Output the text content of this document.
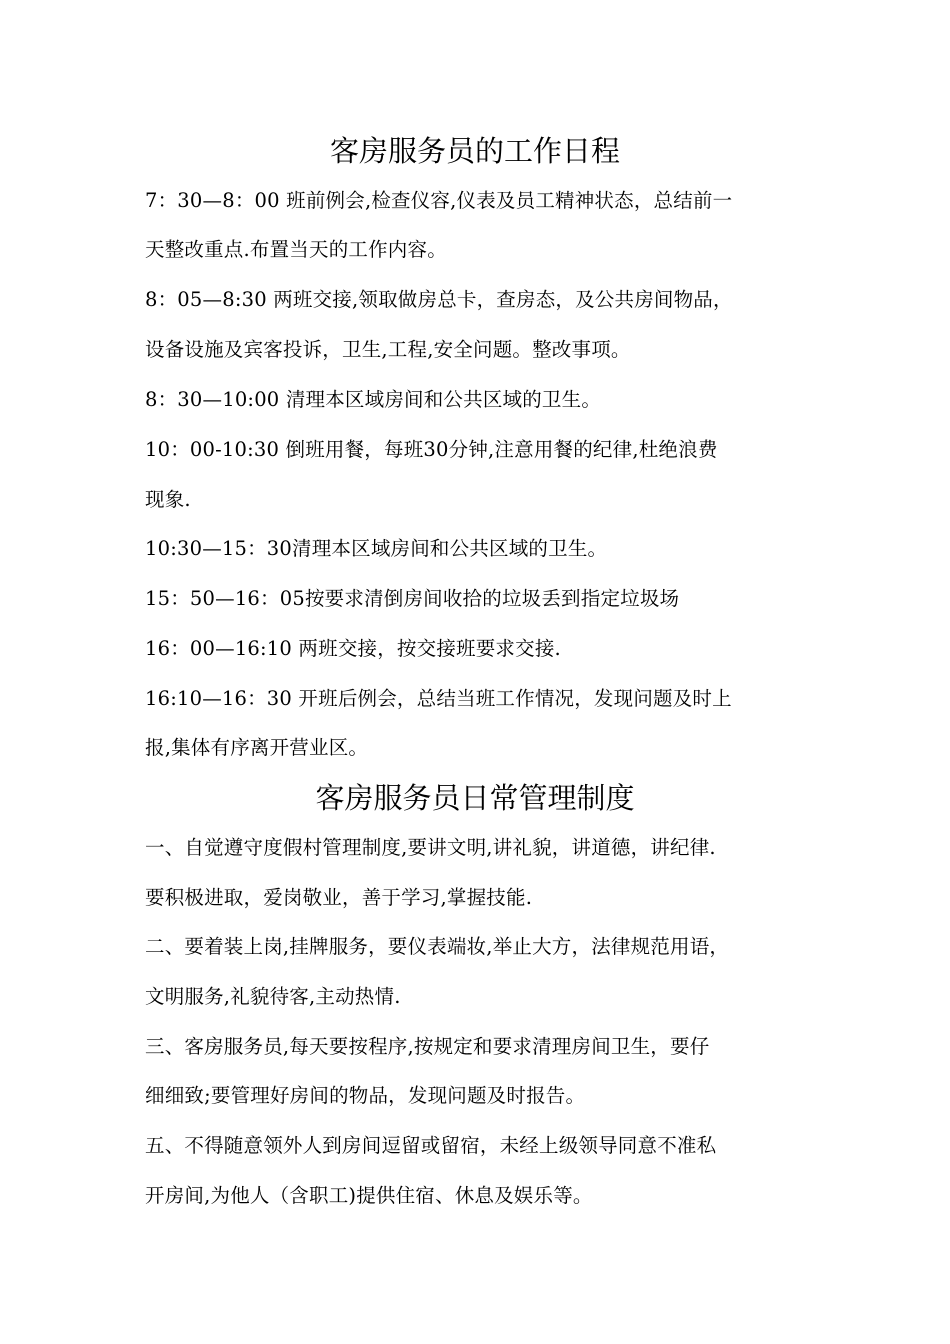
客房服务员的工作日程
7：30—8：00 班前例会,检查仪容,仪表及员工精神状态，总结前一
天整改重点.布置当天的工作内容。
8：05—8:30 两班交接,领取做房总卡，查房态，及公共房间物品，
设备设施及宾客投诉，卫生,工程,安全问题。整改事项。
8：30—10:00 清理本区域房间和公共区域的卫生。
10：00-10:30 倒班用餐，每班30分钟,注意用餐的纪律,杜绝浪费
现象.
10:30—15：30清理本区域房间和公共区域的卫生。
15：50—16：05按要求清倒房间收拾的垃圾丢到指定垃圾场
16：00—16:10 两班交接，按交接班要求交接.
16:10—16：30 开班后例会，总结当班工作情况，发现问题及时上
报,集体有序离开营业区。
客房服务员日常管理制度
一、自觉遵守度假村管理制度,要讲文明,讲礼貌，讲道德，讲纪律.
要积极进取，爱岗敬业，善于学习,掌握技能.
二、要着装上岗,挂牌服务，要仪表端妆,举止大方，法律规范用语，
文明服务,礼貌待客,主动热情.
三、客房服务员,每天要按程序,按规定和要求清理房间卫生，要仔
细细致;要管理好房间的物品，发现问题及时报告。
五、不得随意领外人到房间逗留或留宿，未经上级领导同意不准私
开房间,为他人（含职工)提供住宿、休息及娱乐等。
